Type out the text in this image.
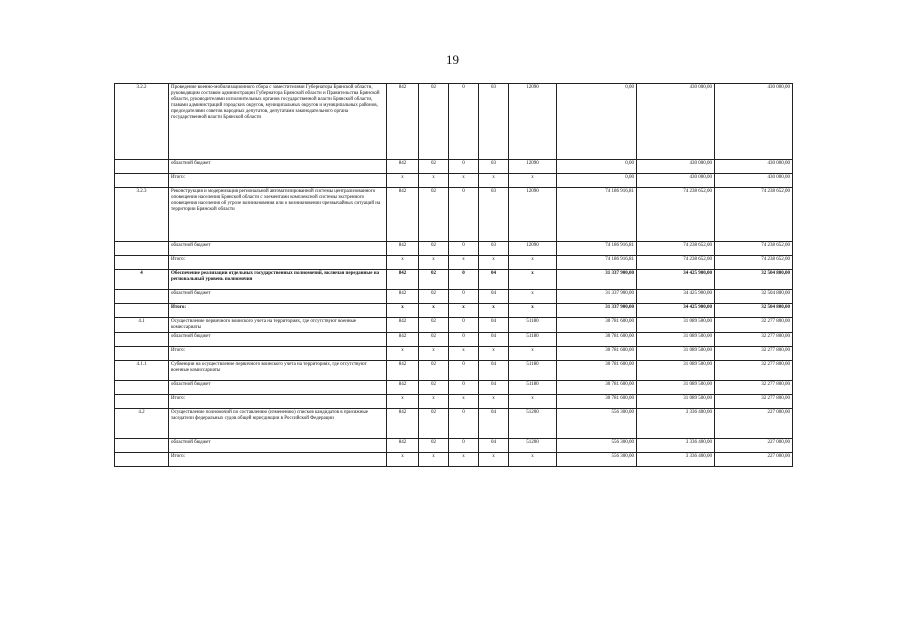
19
3.2.2	Проведение военно-мобилизационного сбора с заместителями Губернатора Брянской области, руководящим составом администрации Губернатора Брянской области и Правительства Брянской области, руководителями исполнительных органов государственной власти Брянской области, главами администраций городских округов, муниципальных округов и муниципальных районов, председателями советов народных депутатов, депутатами законодательного органа государственной власти Брянской области	842	02	0	03	12090	0,00	430 000,00	430 000,00
	областной бюджет	842	02	0	03	12090	0,00	430 000,00	430 000,00
	Итого:	х	х	х	х	х	0,00	430 000,00	430 000,00
3.2.3	Реконструкция и модернизация региональной автоматизированной системы централизованного оповещения населения Брянской области с элементами комплексной системы экстренного оповещения населения об угрозе возникновения или о возникновении чрезвычайных ситуаций на территории Брянской области	842	02	0	03	12090	74 186 916,81	74 238 652,00	74 238 652,00
	областной бюджет	842	02	0	03	12090	74 186 916,81	74 238 652,00	74 238 652,00
	Итого:	х	х	х	х	х	74 186 916,81	74 238 652,00	74 238 652,00
4	Обеспечение реализации отдельных государственных полномочий, включая переданные на региональный уровень полномочия	842	02	0	04	х	31 337 900,00	34 425 900,00	32 504 800,00
	областной бюджет	842	02	0	04	х	31 337 900,00	34 425 900,00	32 504 800,00
	Итого:	х	х	х	х	х	31 337 900,00	34 425 900,00	32 504 800,00
4.1	Осуществление первичного воинского учета на территориях, где отсутствуют военные комиссариаты	842	02	0	04	51180	30 781 600,00	31 089 500,00	32 277 800,00
	областной бюджет	842	02	0	04	51180	30 781 600,00	31 089 500,00	32 277 800,00
	Итого:	х	х	х	х	х	30 781 600,00	31 089 500,00	32 277 800,00
4.1.1	Субвенции на осуществление первичного воинского учета на территориях, где отсутствуют военные комиссариаты	842	02	0	04	51180	30 781 600,00	31 089 500,00	32 277 800,00
	областной бюджет	842	02	0	04	51180	30 781 600,00	31 089 500,00	32 277 800,00
	Итого:	х	х	х	х	х	30 781 600,00	31 089 500,00	32 277 800,00
4.2	Осуществление полномочий по составлению (изменению) списков кандидатов в присяжные заседатели федеральных судов общей юрисдикции в Российской Федерации	842	02	0	04	51200	556 300,00	3 336 400,00	227 000,00
	областной бюджет	842	02	0	04	51200	556 300,00	3 336 400,00	227 000,00
	Итого:	х	х	х	х	х	556 300,00	3 336 400,00	227 000,00
